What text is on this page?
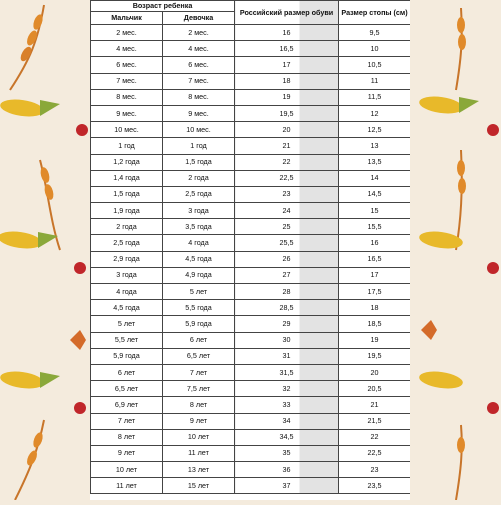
Возраст ребенка		Российский размер обуви	Размер стопы (см)
Мальчик	Девочка		
2 мес.	2 мес.	16	9,5
4 мес.	4 мес.	16,5	10
6 мес.	6 мес.	17	10,5
7 мес.	7 мес.	18	11
8 мес.	8 мес.	19	11,5
9 мес.	9 мес.	19,5	12
10 мес.	10 мес.	20	12,5
1 год	1 год	21	13
1,2 года	1,5 года	22	13,5
1,4 года	2 года	22,5	14
1,5 года	2,5 года	23	14,5
1,9 года	3 года	24	15
2 года	3,5 года	25	15,5
2,5 года	4 года	25,5	16
2,9 года	4,5 года	26	16,5
3 года	4,9 года	27	17
4 года	5 лет	28	17,5
4,5 года	5,5 года	28,5	18
5 лет	5,9 года	29	18,5
5,5 лет	6 лет	30	19
5,9 года	6,5 лет	31	19,5
6 лет	7 лет	31,5	20
6,5 лет	7,5 лет	32	20,5
6,9 лет	8 лет	33	21
7 лет	9 лет	34	21,5
8 лет	10 лет	34,5	22
9 лет	11 лет	35	22,5
10 лет	13 лет	36	23
11 лет	15 лет	37	23,5
